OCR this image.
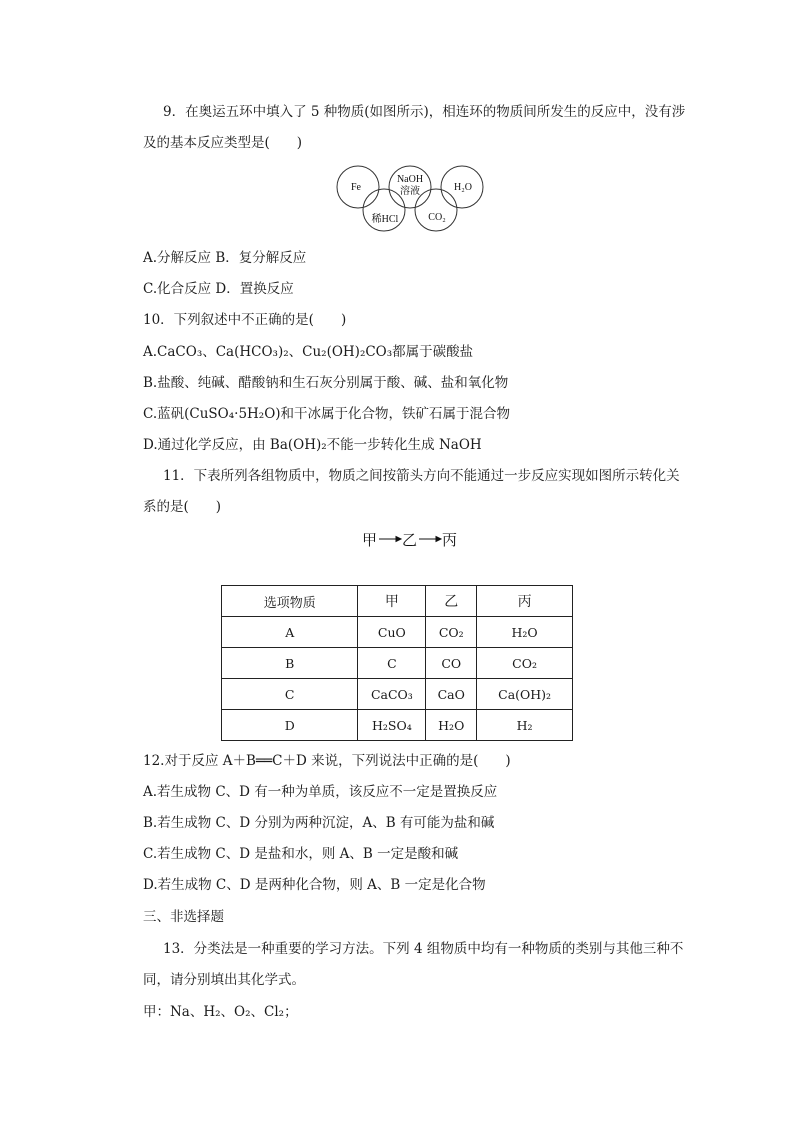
9．在奥运五环中填入了 5 种物质(如图所示)，相连环的物质间所发生的反应中，没有涉
及的基本反应类型是(　　)
Fe
NaOH
溶液	H₂O
稀HCl	CO₂
A.分解反应 B．复分解反应
C.化合反应 D．置换反应
10．下列叙述中不正确的是(　　)
A.CaCO₃、Ca(HCO₃)₂、Cu₂(OH)₂CO₃都属于碳酸盐
B.盐酸、纯碱、醋酸钠和生石灰分别属于酸、碱、盐和氧化物
C.蓝矾(CuSO₄·5H₂O)和干冰属于化合物，铁矿石属于混合物
D.通过化学反应，由 Ba(OH)₂不能一步转化生成 NaOH
11．下表所列各组物质中，物质之间按箭头方向不能通过一步反应实现如图所示转化关
系的是(　　)
甲 乙 丙
选项物质	甲	乙	丙
A	CuO	CO₂	H₂O
B	C	CO	CO₂
C	CaCO₃	CaO	Ca(OH)₂
D	H₂SO₄	H₂O	H₂
12.对于反应 A＋B══C＋D 来说，下列说法中正确的是(　　)
A.若生成物 C、D 有一种为单质，该反应不一定是置换反应
B.若生成物 C、D 分别为两种沉淀，A、B 有可能为盐和碱
C.若生成物 C、D 是盐和水，则 A、B 一定是酸和碱
D.若生成物 C、D 是两种化合物，则 A、B 一定是化合物
三、非选择题
13．分类法是一种重要的学习方法。下列 4 组物质中均有一种物质的类别与其他三种不
同，请分别填出其化学式。
甲：Na、H₂、O₂、Cl₂；
